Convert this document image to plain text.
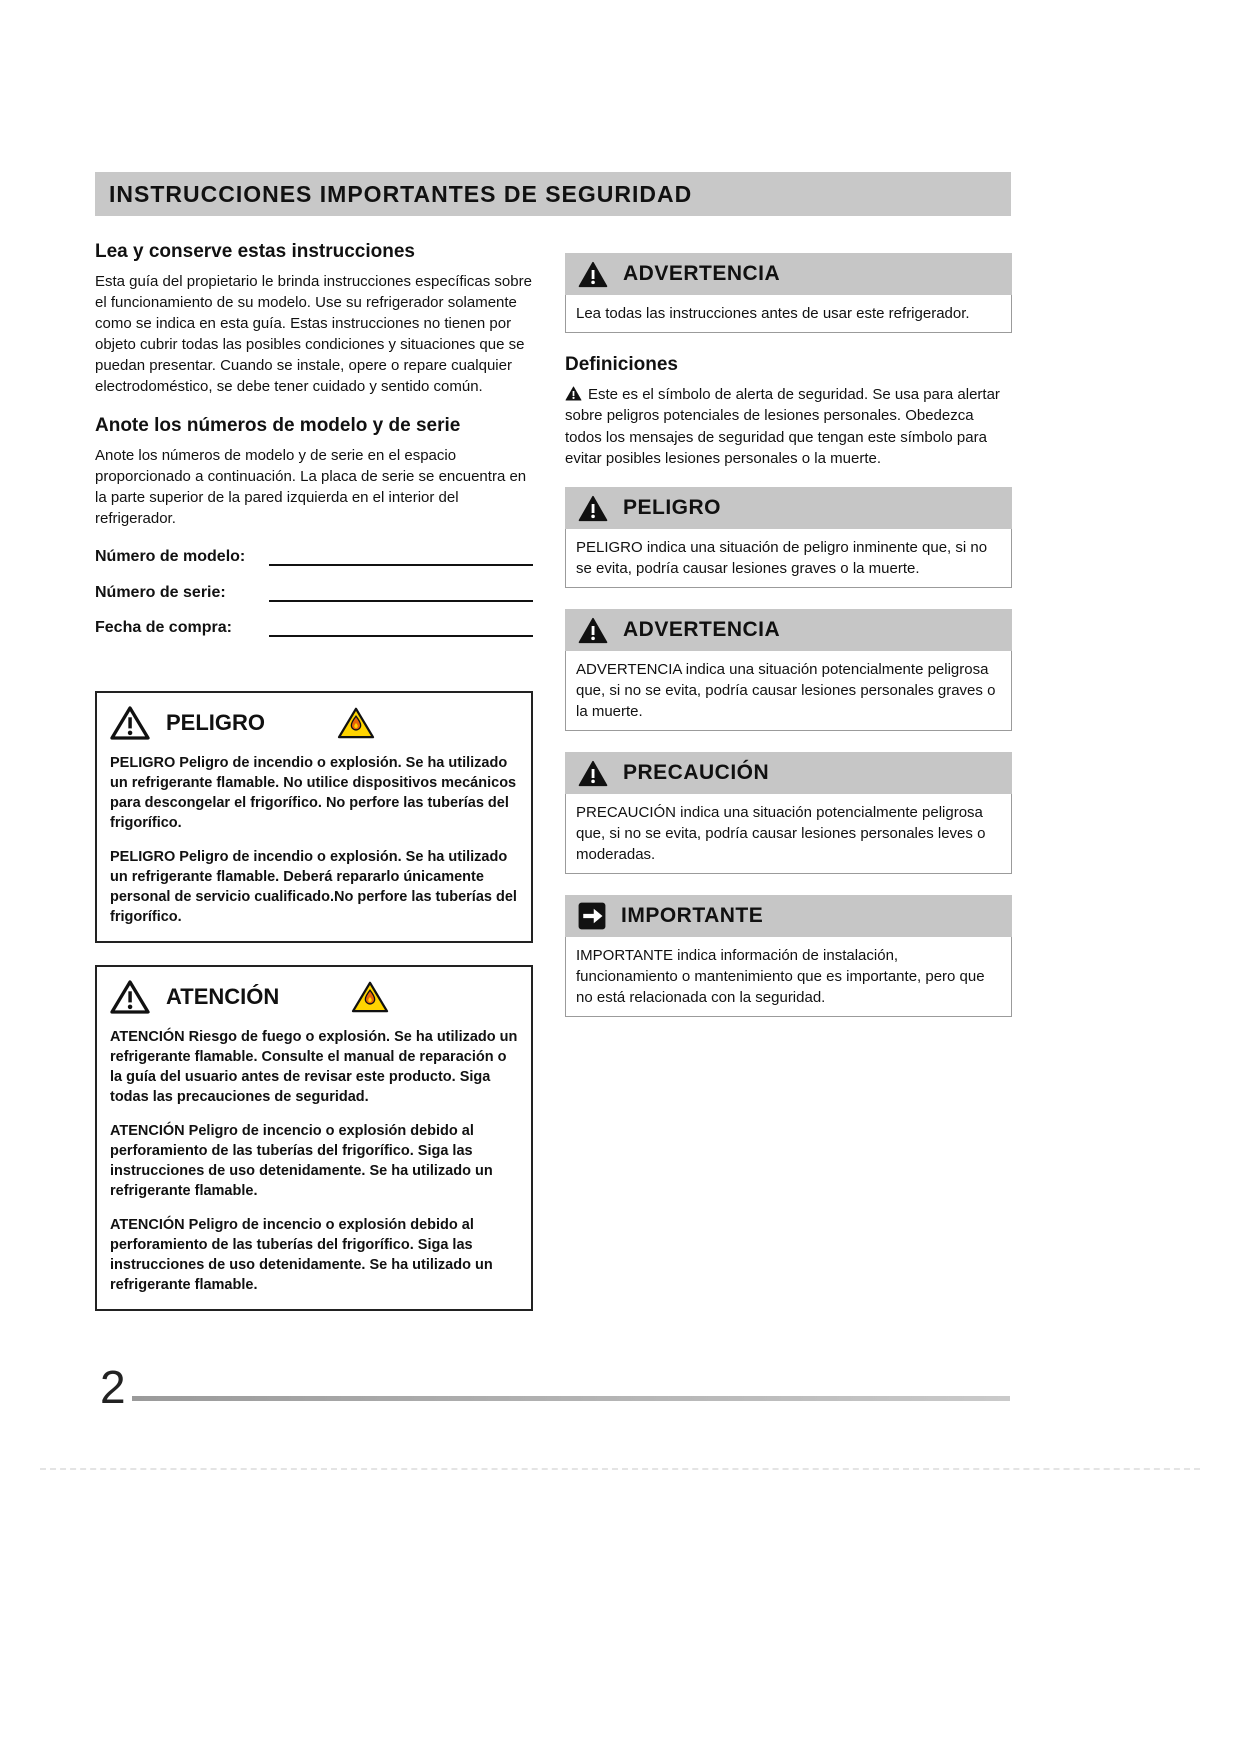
INSTRUCCIONES IMPORTANTES DE SEGURIDAD
Lea y conserve estas instrucciones

Esta guía del propietario le brinda instrucciones específicas sobre el funcionamiento de su modelo. Use su refrigerador solamente como se indica en esta guía. Estas instrucciones no tienen por objeto cubrir todas las posibles condiciones y situaciones que se puedan presentar. Cuando se instale, opere o repare cualquier electrodoméstico, se debe tener cuidado y sentido común.

Anote los números de modelo y de serie

Anote los números de modelo y de serie en el espacio proporcionado a continuación. La placa de serie se encuentra en la parte superior de la pared izquierda en el interior del refrigerador.

Número de modelo:
Número de serie:
Fecha de compra:
PELIGRO

PELIGRO Peligro de incendio o explosión. Se ha utilizado un refrigerante flamable. No utilice dispositivos mecánicos para descongelar el frigorífico. No perfore las tuberías del frigorífico.

PELIGRO Peligro de incendio o explosión. Se ha utilizado un refrigerante flamable. Deberá repararlo únicamente personal de servicio cualificado.No perfore las tuberías del frigorífico.

ATENCIÓN

ATENCIÓN Riesgo de fuego o explosión. Se ha utilizado un refrigerante flamable. Consulte el manual de reparación o la guía del usuario antes de revisar este producto. Siga todas las precauciones de seguridad.

ATENCIÓN Peligro de incencio o explosión debido al perforamiento de las tuberías del frigorífico. Siga las instrucciones de uso detenidamente. Se ha utilizado un refrigerante flamable.

ATENCIÓN Peligro de incencio o explosión debido al perforamiento de las tuberías del frigorífico. Siga las instrucciones de uso detenidamente. Se ha utilizado un refrigerante flamable.

ADVERTENCIA
Lea todas las instrucciones antes de usar este refrigerador.
Definiciones

Este es el símbolo de alerta de seguridad. Se usa para alertar sobre peligros potenciales de lesiones personales. Obedezca todos los mensajes de seguridad que tengan este símbolo para evitar posibles lesiones personales o la muerte.

PELIGRO
PELIGRO indica una situación de peligro inminente que, si no se evita, podría causar lesiones graves o la muerte.
ADVERTENCIA
ADVERTENCIA indica una situación potencialmente peligrosa que, si no se evita, podría causar lesiones personales graves o la muerte.
PRECAUCIÓN
PRECAUCIÓN indica una situación potencialmente peligrosa que, si no se evita, podría causar lesiones personales leves o moderadas.
IMPORTANTE
IMPORTANTE indica información de instalación, funcionamiento o mantenimiento que es importante, pero que no está relacionada con la seguridad.
2
